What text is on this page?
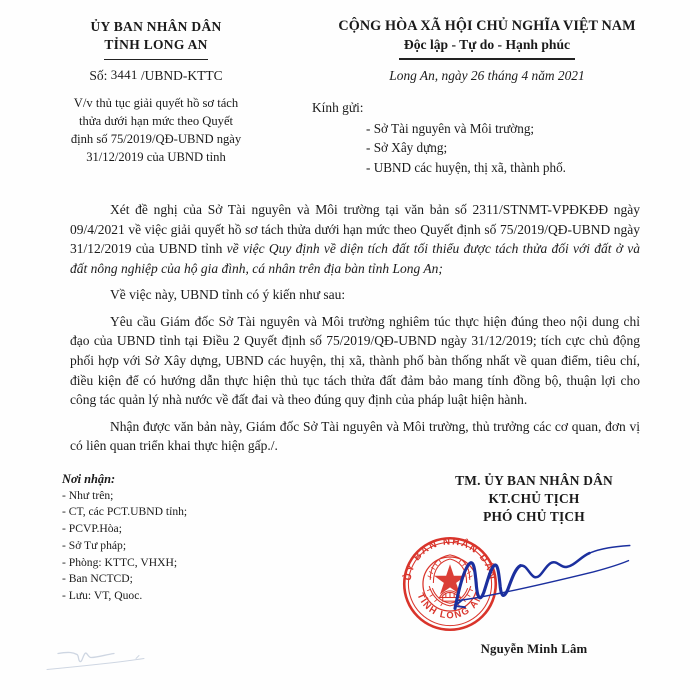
ỦY BAN NHÂN DÂN
TỈNH LONG AN
Số: 3441 /UBND-KTTC
V/v thủ tục giải quyết hồ sơ tách
thửa dưới hạn mức theo Quyết
định số 75/2019/QĐ-UBND ngày
31/12/2019 của UBND tỉnh
CỘNG HÒA XÃ HỘI CHỦ NGHĨA VIỆT NAM
Độc lập - Tự do - Hạnh phúc
Long An, ngày 26 tháng 4 năm 2021
Kính gửi:
- Sở Tài nguyên và Môi trường;
- Sở Xây dựng;
- UBND các huyện, thị xã, thành phố.

Xét đề nghị của Sở Tài nguyên và Môi trường tại văn bản số 2311/STNMT-VPĐKĐĐ ngày 09/4/2021 về việc giải quyết hồ sơ tách thửa dưới hạn mức theo Quyết định số 75/2019/QĐ-UBND ngày 31/12/2019 của UBND tỉnh về việc Quy định về diện tích đất tối thiểu được tách thửa đối với đất ở và đất nông nghiệp của hộ gia đình, cá nhân trên địa bàn tỉnh Long An;

Về việc này, UBND tỉnh có ý kiến như sau:

Yêu cầu Giám đốc Sở Tài nguyên và Môi trường nghiêm túc thực hiện đúng theo nội dung chỉ đạo của UBND tỉnh tại Điều 2 Quyết định số 75/2019/QĐ-UBND ngày 31/12/2019; tích cực chủ động phối hợp với Sở Xây dựng, UBND các huyện, thị xã, thành phố bàn thống nhất về quan điểm, tiêu chí, điều kiện để có hướng dẫn thực hiện thủ tục tách thửa đất đảm bảo mang tính đồng bộ, thuận lợi cho công tác quản lý nhà nước về đất đai và theo đúng quy định của pháp luật hiện hành.

Nhận được văn bản này, Giám đốc Sở Tài nguyên và Môi trường, thủ trưởng các cơ quan, đơn vị có liên quan triển khai thực hiện gấp./.

Nơi nhận:
- Như trên;
- CT, các PCT.UBND tỉnh;
- PCVP.Hòa;
- Sở Tư pháp;
- Phòng: KTTC, VHXH;
- Ban NCTCD;
- Lưu: VT, Quoc.
TM. ỦY BAN NHÂN DÂN
KT.CHỦ TỊCH
PHÓ CHỦ TỊCH
ỦY BAN NHÂN DÂN
TỈNH LONG AN
Nguyễn Minh Lâm
